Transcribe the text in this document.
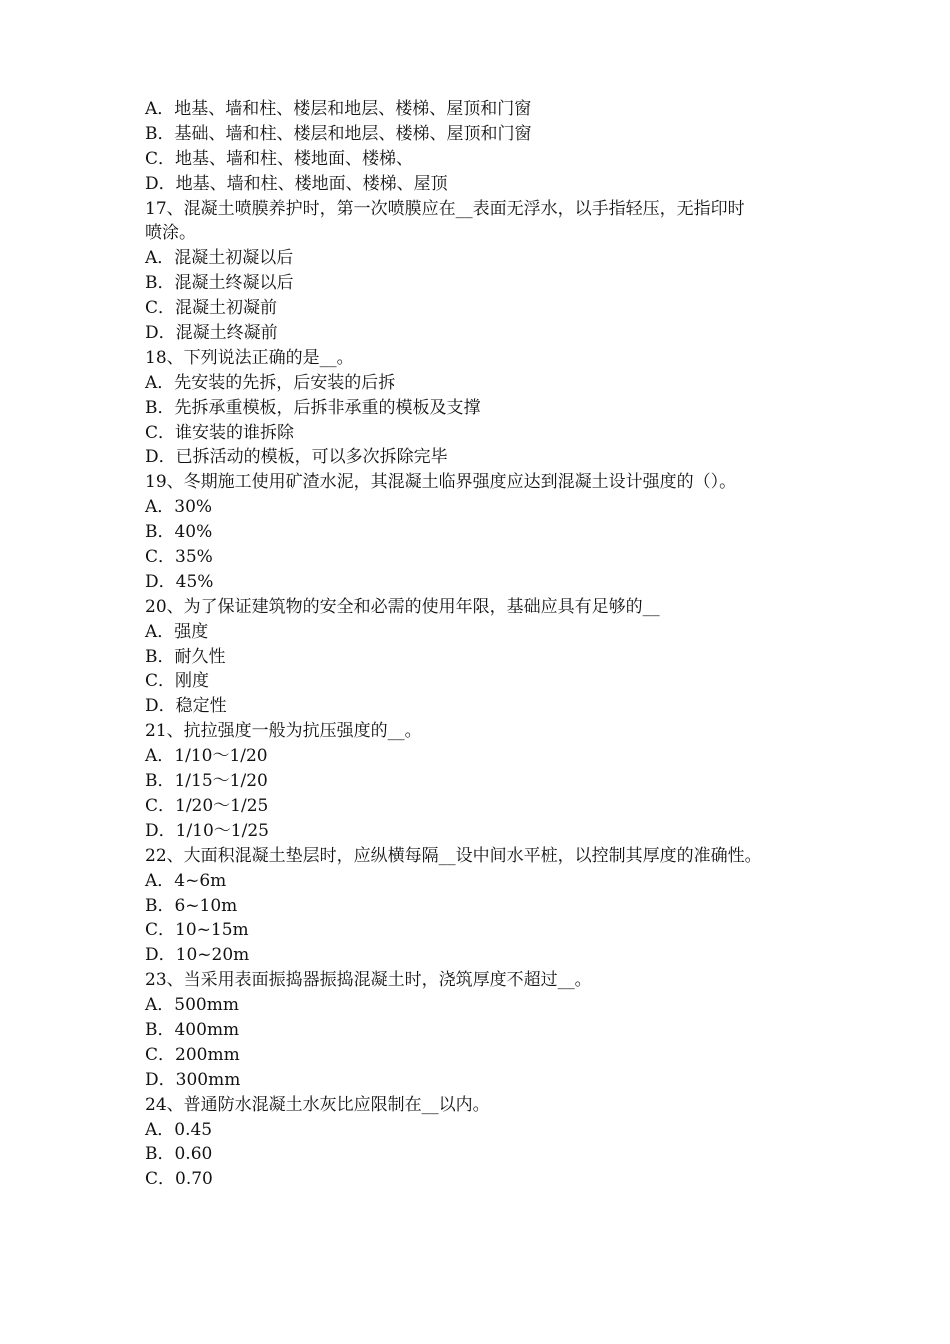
A．地基、墙和柱、楼层和地层、楼梯、屋顶和门窗
B．基础、墙和柱、楼层和地层、楼梯、屋顶和门窗
C．地基、墙和柱、楼地面、楼梯、
D．地基、墙和柱、楼地面、楼梯、屋顶
17、混凝土喷膜养护时，第一次喷膜应在__表面无浮水，以手指轻压，无指印时
喷涂。
A．混凝土初凝以后
B．混凝土终凝以后
C．混凝土初凝前
D．混凝土终凝前
18、下列说法正确的是__。
A．先安装的先拆，后安装的后拆
B．先拆承重模板，后拆非承重的模板及支撑
C．谁安装的谁拆除
D．已拆活动的模板，可以多次拆除完毕
19、冬期施工使用矿渣水泥，其混凝土临界强度应达到混凝土设计强度的（）。
A．30%
B．40%
C．35%
D．45%
20、为了保证建筑物的安全和必需的使用年限，基础应具有足够的__
A．强度
B．耐久性
C．刚度
D．稳定性
21、抗拉强度一般为抗压强度的__。
A．1/10～1/20
B．1/15～1/20
C．1/20～1/25
D．1/10～1/25
22、大面积混凝土垫层时，应纵横每隔__设中间水平桩，以控制其厚度的准确性。
A．4~6m
B．6~10m
C．10~15m
D．10~20m
23、当采用表面振捣器振捣混凝土时，浇筑厚度不超过__。
A．500mm
B．400mm
C．200mm
D．300mm
24、普通防水混凝土水灰比应限制在__以内。
A．0.45
B．0.60
C．0.70
